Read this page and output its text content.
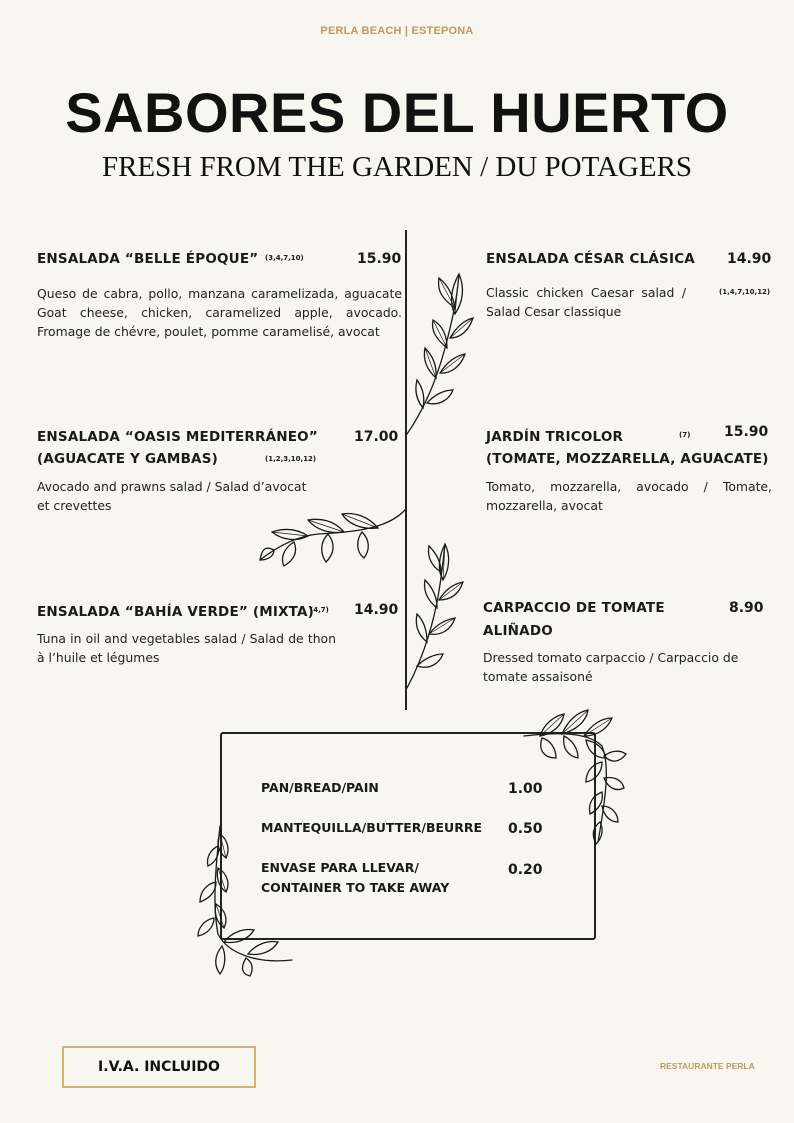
PERLA BEACH | ESTEPONA
SABORES DEL HUERTO
FRESH FROM THE GARDEN / DU POTAGERS
ENSALADA “BELLE ÉPOQUE” (3,4,7,10)	15.90
Queso de cabra, pollo, manzana caramelizada, aguacate Goat cheese, chicken, caramelized apple, avocado. Fromage de chévre, poulet, pomme caramelisé, avocat
ENSALADA CÉSAR CLÁSICA 14.90
(1,4,7,10,12)
Classic chicken Caesar salad / Salad Cesar classique
ENSALADA “OASIS MEDITERRÁNEO”	17.00
(AGUACATE Y GAMBAS)	(1,2,3,10,12)
Avocado and prawns salad / Salad d’avocat et crevettes
JARDÍN TRICOLOR	(7) 15.90
(TOMATE, MOZZARELLA, AGUACATE)
Tomato, mozzarella, avocado / Tomate, mozzarella, avocat
ENSALADA “BAHÍA VERDE” (MIXTA)
(4,7) 14.90
Tuna in oil and vegetables salad / Salad de thon à l’huile et légumes
CARPACCIO DE TOMATE	8.90
ALIÑADO
Dressed tomato carpaccio / Carpaccio de tomate assaisoné
PAN/BREAD/PAIN	1.00
MANTEQUILLA/BUTTER/BEURRE 0.50
ENVASE PARA LLEVAR/
CONTAINER TO TAKE AWAY
0.20
I.V.A. INCLUIDO	RESTAURANTE PERLA
